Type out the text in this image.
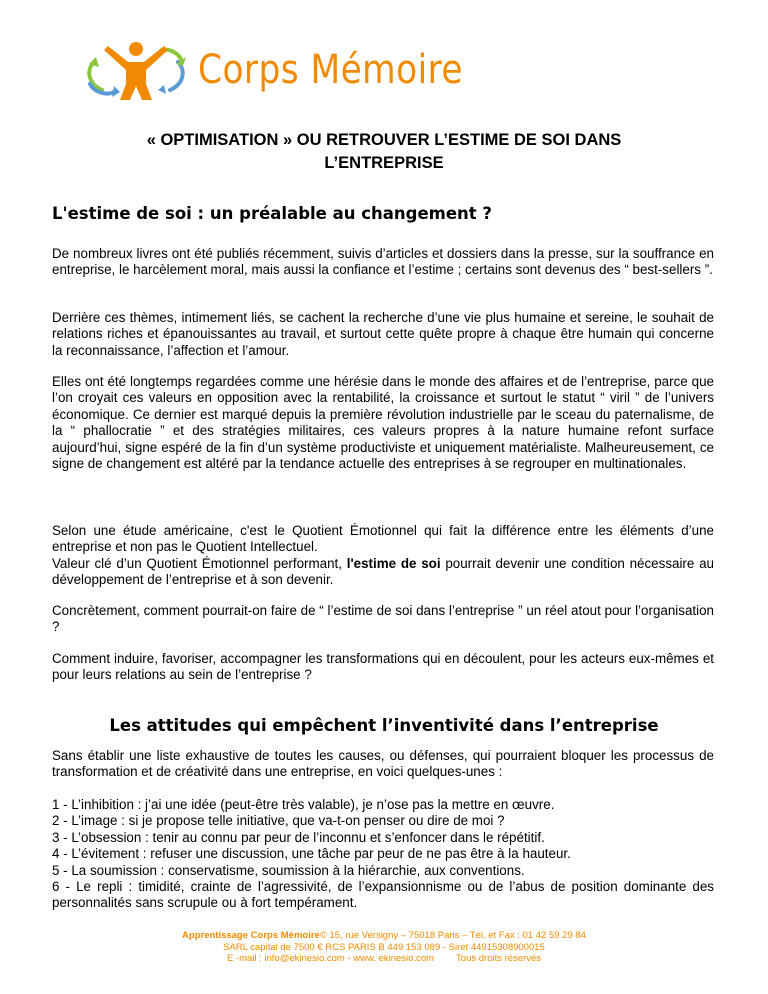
Corps Mémoire
« OPTIMISATION » OU RETROUVER L’ESTIME DE SOI DANS
L’ENTREPRISE
L'estime de soi : un préalable au changement ?

De nombreux livres ont été publiés récemment, suivis d’articles et dossiers dans la presse, sur la souffrance en entreprise, le harcèlement moral, mais aussi la confiance et l’estime ; certains sont devenus des “ best-sellers ”.

Derrière ces thèmes, intimement liés, se cachent la recherche d’une vie plus humaine et sereine, le souhait de relations riches et épanouissantes au travail, et surtout cette quête propre à chaque être humain qui concerne la reconnaissance, l’affection et l’amour.

Elles ont été longtemps regardées comme une hérésie dans le monde des affaires et de l’entreprise, parce que l’on croyait ces valeurs en opposition avec la rentabilité, la croissance et surtout le statut “ viril ” de l’univers économique. Ce dernier est marqué depuis la première révolution industrielle par le sceau du paternalisme, de la “ phallocratie ” et des stratégies militaires, ces valeurs propres à la nature humaine refont surface aujourd’hui, signe espéré de la fin d’un système productiviste et uniquement matérialiste. Malheureusement, ce signe de changement est altéré par la tendance actuelle des entreprises à se regrouper en multinationales.

Selon une étude américaine, c'est le Quotient Émotionnel qui fait la différence entre les éléments d’une entreprise et non pas le Quotient Intellectuel.
Valeur clé d’un Quotient Émotionnel performant, l'estime de soi pourrait devenir une condition nécessaire au développement de l’entreprise et à son devenir.

Concrètement, comment pourrait-on faire de “ l’estime de soi dans l’entreprise ” un réel atout pour l’organisation ?

Comment induire, favoriser, accompagner les transformations qui en découlent, pour les acteurs eux-mêmes et pour leurs relations au sein de l’entreprise ?

Les attitudes qui empêchent l’inventivité dans l’entreprise

Sans établir une liste exhaustive de toutes les causes, ou défenses, qui pourraient bloquer les processus de transformation et de créativité dans une entreprise, en voici quelques-unes :

1 - L’inhibition : j’ai une idée (peut-être très valable), je n’ose pas la mettre en œuvre.
2 - L’image : si je propose telle initiative, que va-t-on penser ou dire de moi ?
3 - L’obsession : tenir au connu par peur de l’inconnu et s’enfoncer dans le répétitif.
4 - L’évitement : refuser une discussion, une tâche par peur de ne pas être à la hauteur.
5 - La soumission : conservatisme, soumission à la hiérarchie, aux conventions.
6 - Le repli : timidité, crainte de l’agressivité, de l’expansionnisme ou de l’abus de position dominante des personnalités sans scrupule ou à fort tempérament.
Apprentissage Corps Mémoire© 15, rue Versigny – 75018 Paris – Tél. et Fax : 01 42 59 29 84
SARL capital de 7500 € RCS PARIS B 449 153 089 - Siret 44915308900015
E -mail : info@ekinesio.com - www. ekinesio.com Tous droits réservés
